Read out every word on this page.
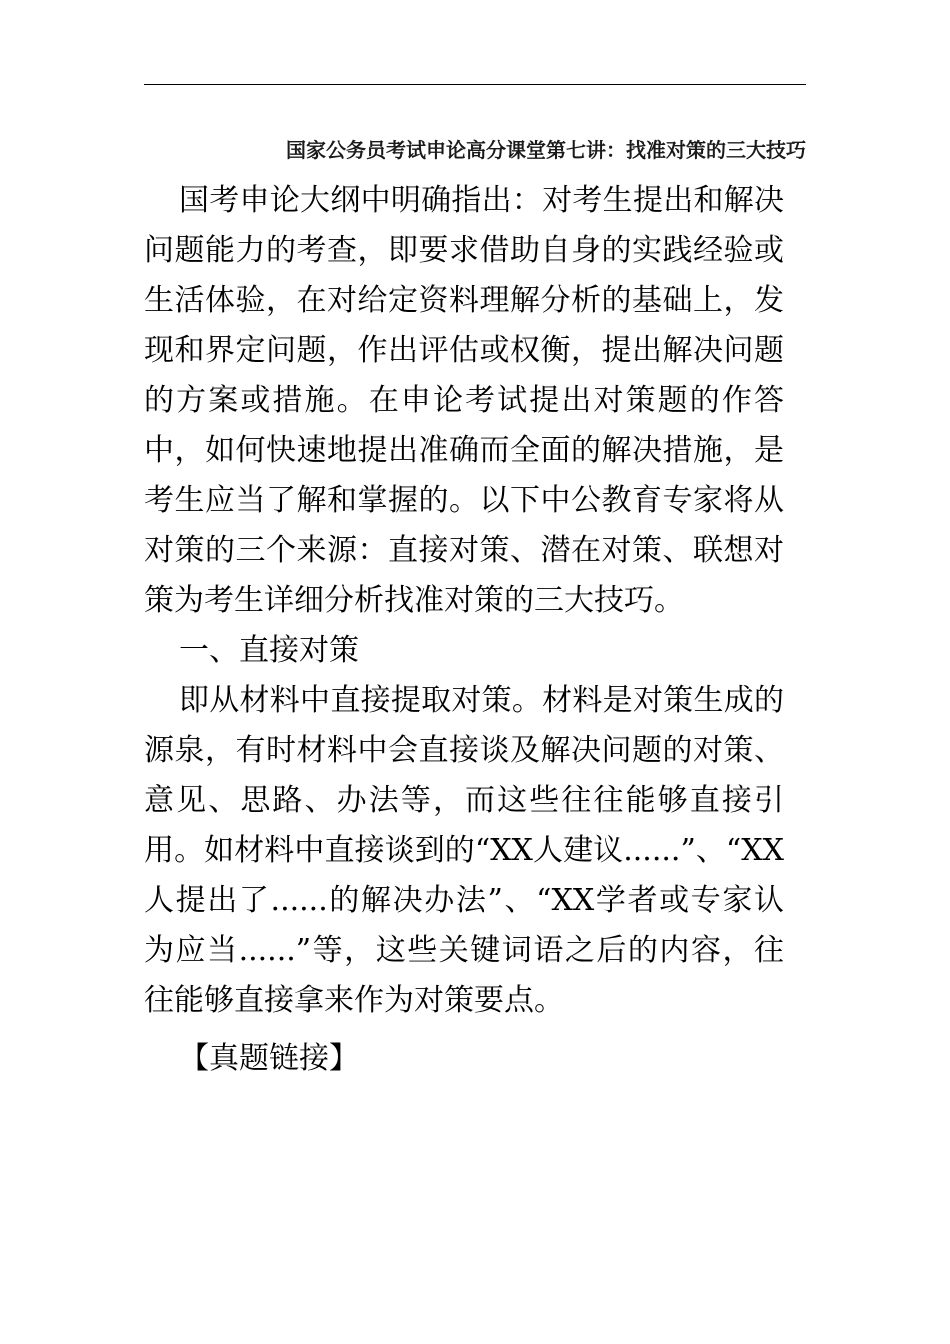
国家公务员考试申论高分课堂第七讲：找准对策的三大技巧

国考申论大纲中明确指出：对考生提出和解决问题能力的考查，即要求借助自身的实践经验或生活体验，在对给定资料理解分析的基础上，发现和界定问题，作出评估或权衡，提出解决问题的方案或措施。在申论考试提出对策题的作答中，如何快速地提出准确而全面的解决措施，是考生应当了解和掌握的。以下中公教育专家将从对策的三个来源：直接对策、潜在对策、联想对策为考生详细分析找准对策的三大技巧。

一、直接对策

即从材料中直接提取对策。材料是对策生成的源泉，有时材料中会直接谈及解决问题的对策、意见、思路、办法等，而这些往往能够直接引用。如材料中直接谈到的“XX人建议......”、“XX人提出了......的解决办法”、“XX学者或专家认为应当......”等，这些关键词语之后的内容，往往能够直接拿来作为对策要点。

【真题链接】
